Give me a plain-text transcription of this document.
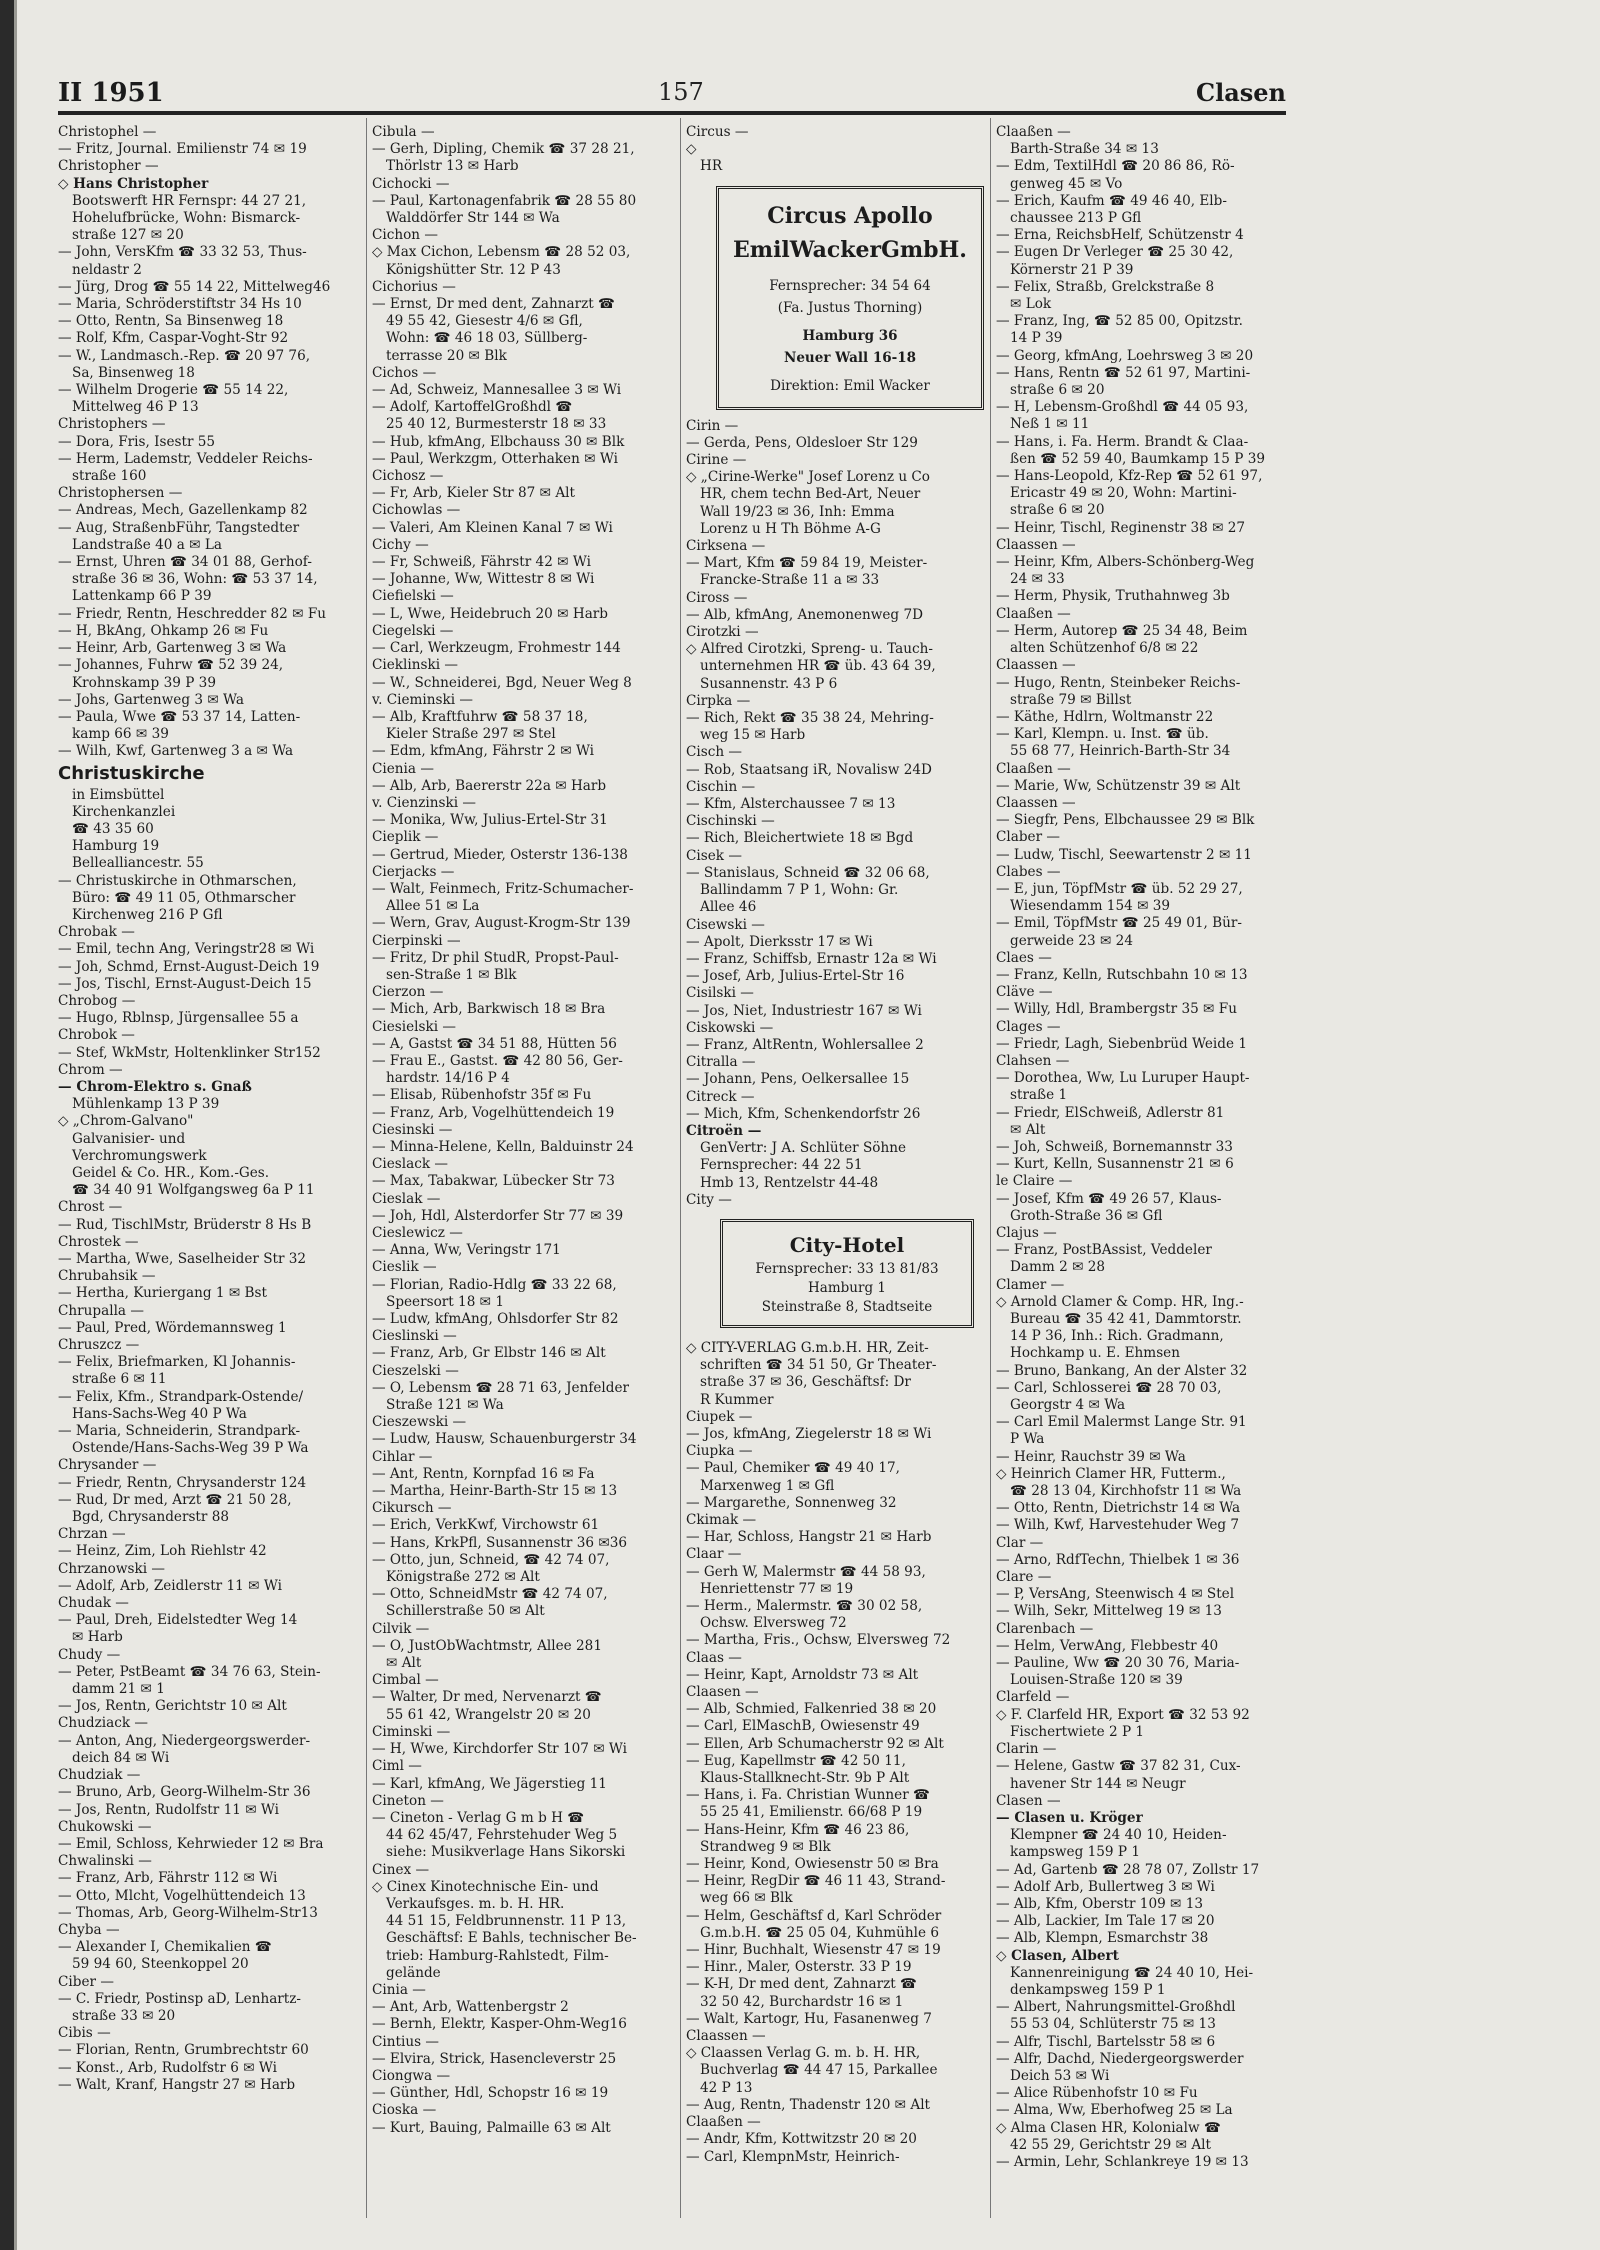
II 1951	157	Clasen
Christophel —
— Fritz, Journal. Emilienstr 74 ✉ 19
Christopher —
◇ Hans Christopher
Bootswerft HR Fernspr: 44 27 21,
Hohelufbrücke, Wohn: Bismarck-
straße 127 ✉ 20
— John, VersKfm ☎ 33 32 53, Thus-
neldastr 2
— Jürg, Drog ☎ 55 14 22, Mittelweg46
— Maria, Schröderstiftstr 34 Hs 10
— Otto, Rentn, Sa Binsenweg 18
— Rolf, Kfm, Caspar-Voght-Str 92
— W., Landmasch.-Rep. ☎ 20 97 76,
Sa, Binsenweg 18
— Wilhelm Drogerie ☎ 55 14 22,
Mittelweg 46 P 13
Christophers —
— Dora, Fris, Isestr 55
— Herm, Lademstr, Veddeler Reichs-
straße 160
Christophersen —
— Andreas, Mech, Gazellenkamp 82
— Aug, StraßenbFühr, Tangstedter
Landstraße 40 a ✉ La
— Ernst, Uhren ☎ 34 01 88, Gerhof-
straße 36 ✉ 36, Wohn: ☎ 53 37 14,
Lattenkamp 66 P 39
— Friedr, Rentn, Heschredder 82 ✉ Fu
— H, BkAng, Ohkamp 26 ✉ Fu
— Heinr, Arb, Gartenweg 3 ✉ Wa
— Johannes, Fuhrw ☎ 52 39 24,
Krohnskamp 39 P 39
— Johs, Gartenweg 3 ✉ Wa
— Paula, Wwe ☎ 53 37 14, Latten-
kamp 66 ✉ 39
— Wilh, Kwf, Gartenweg 3 a ✉ Wa
Christuskirche
in Eimsbüttel
Kirchenkanzlei
☎ 43 35 60
Hamburg 19
Bellealliancestr. 55
— Christuskirche in Othmarschen,
Büro: ☎ 49 11 05, Othmarscher
Kirchenweg 216 P Gfl
Chrobak —
— Emil, techn Ang, Veringstr28 ✉ Wi
— Joh, Schmd, Ernst-August-Deich 19
— Jos, Tischl, Ernst-August-Deich 15
Chrobog —
— Hugo, Rblnsp, Jürgensallee 55 a
Chrobok —
— Stef, WkMstr, Holtenklinker Str152
Chrom —
— Chrom-Elektro s. Gnaß
Mühlenkamp 13 P 39
◇ „Chrom-Galvano"
Galvanisier- und
Verchromungswerk
Geidel & Co. HR., Kom.-Ges.
☎ 34 40 91 Wolfgangsweg 6a P 11
Chrost —
— Rud, TischlMstr, Brüderstr 8 Hs B
Chrostek —
— Martha, Wwe, Saselheider Str 32
Chrubahsik —
— Hertha, Kuriergang 1 ✉ Bst
Chrupalla —
— Paul, Pred, Wördemannsweg 1
Chruszcz —
— Felix, Briefmarken, Kl Johannis-
straße 6 ✉ 11
— Felix, Kfm., Strandpark-Ostende/
Hans-Sachs-Weg 40 P Wa
— Maria, Schneiderin, Strandpark-
Ostende/Hans-Sachs-Weg 39 P Wa
Chrysander —
— Friedr, Rentn, Chrysanderstr 124
— Rud, Dr med, Arzt ☎ 21 50 28,
Bgd, Chrysanderstr 88
Chrzan —
— Heinz, Zim, Loh Riehlstr 42
Chrzanowski —
— Adolf, Arb, Zeidlerstr 11 ✉ Wi
Chudak —
— Paul, Dreh, Eidelstedter Weg 14
✉ Harb
Chudy —
— Peter, PstBeamt ☎ 34 76 63, Stein-
damm 21 ✉ 1
— Jos, Rentn, Gerichtstr 10 ✉ Alt
Chudziack —
— Anton, Ang, Niedergeorgswerder-
deich 84 ✉ Wi
Chudziak —
— Bruno, Arb, Georg-Wilhelm-Str 36
— Jos, Rentn, Rudolfstr 11 ✉ Wi
Chukowski —
— Emil, Schloss, Kehrwieder 12 ✉ Bra
Chwalinski —
— Franz, Arb, Fährstr 112 ✉ Wi
— Otto, Mlcht, Vogelhüttendeich 13
— Thomas, Arb, Georg-Wilhelm-Str13
Chyba —
— Alexander I, Chemikalien ☎
59 94 60, Steenkoppel 20
Ciber —
— C. Friedr, Postinsp aD, Lenhartz-
straße 33 ✉ 20
Cibis —
— Florian, Rentn, Grumbrechtstr 60
— Konst., Arb, Rudolfstr 6 ✉ Wi
— Walt, Kranf, Hangstr 27 ✉ Harb
Cibula —
— Gerh, Dipling, Chemik ☎ 37 28 21,
Thörlstr 13 ✉ Harb
Cichocki —
— Paul, Kartonagenfabrik ☎ 28 55 80
Walddörfer Str 144 ✉ Wa
Cichon —
◇ Max Cichon, Lebensm ☎ 28 52 03,
Königshütter Str. 12 P 43
Cichorius —
— Ernst, Dr med dent, Zahnarzt ☎
49 55 42, Giesestr 4/6 ✉ Gfl,
Wohn: ☎ 46 18 03, Süllberg-
terrasse 20 ✉ Blk
Cichos —
— Ad, Schweiz, Mannesallee 3 ✉ Wi
— Adolf, KartoffelGroßhdl ☎
25 40 12, Burmesterstr 18 ✉ 33
— Hub, kfmAng, Elbchauss 30 ✉ Blk
— Paul, Werkzgm, Otterhaken ✉ Wi
Cichosz —
— Fr, Arb, Kieler Str 87 ✉ Alt
Cichowlas —
— Valeri, Am Kleinen Kanal 7 ✉ Wi
Cichy —
— Fr, Schweiß, Fährstr 42 ✉ Wi
— Johanne, Ww, Wittestr 8 ✉ Wi
Ciefielski —
— L, Wwe, Heidebruch 20 ✉ Harb
Ciegelski —
— Carl, Werkzeugm, Frohmestr 144
Cieklinski —
— W., Schneiderei, Bgd, Neuer Weg 8
v. Cieminski —
— Alb, Kraftfuhrw ☎ 58 37 18,
Kieler Straße 297 ✉ Stel
— Edm, kfmAng, Fährstr 2 ✉ Wi
Cienia —
— Alb, Arb, Baererstr 22a ✉ Harb
v. Cienzinski —
— Monika, Ww, Julius-Ertel-Str 31
Cieplik —
— Gertrud, Mieder, Osterstr 136-138
Cierjacks —
— Walt, Feinmech, Fritz-Schumacher-
Allee 51 ✉ La
— Wern, Grav, August-Krogm-Str 139
Cierpinski —
— Fritz, Dr phil StudR, Propst-Paul-
sen-Straße 1 ✉ Blk
Cierzon —
— Mich, Arb, Barkwisch 18 ✉ Bra
Ciesielski —
— A, Gastst ☎ 34 51 88, Hütten 56
— Frau E., Gastst. ☎ 42 80 56, Ger-
hardstr. 14/16 P 4
— Elisab, Rübenhofstr 35f ✉ Fu
— Franz, Arb, Vogelhüttendeich 19
Ciesinski —
— Minna-Helene, Kelln, Balduinstr 24
Cieslack —
— Max, Tabakwar, Lübecker Str 73
Cieslak —
— Joh, Hdl, Alsterdorfer Str 77 ✉ 39
Cieslewicz —
— Anna, Ww, Veringstr 171
Cieslik —
— Florian, Radio-Hdlg ☎ 33 22 68,
Speersort 18 ✉ 1
— Ludw, kfmAng, Ohlsdorfer Str 82
Cieslinski —
— Franz, Arb, Gr Elbstr 146 ✉ Alt
Cieszelski —
— O, Lebensm ☎ 28 71 63, Jenfelder
Straße 121 ✉ Wa
Cieszewski —
— Ludw, Hausw, Schauenburgerstr 34
Cihlar —
— Ant, Rentn, Kornpfad 16 ✉ Fa
— Martha, Heinr-Barth-Str 15 ✉ 13
Cikursch —
— Erich, VerkKwf, Virchowstr 61
— Hans, KrkPfl, Susannenstr 36 ✉36
— Otto, jun, Schneid, ☎ 42 74 07,
Königstraße 272 ✉ Alt
— Otto, SchneidMstr ☎ 42 74 07,
Schillerstraße 50 ✉ Alt
Cilvik —
— O, JustObWachtmstr, Allee 281
✉ Alt
Cimbal —
— Walter, Dr med, Nervenarzt ☎
55 61 42, Wrangelstr 20 ✉ 20
Ciminski —
— H, Wwe, Kirchdorfer Str 107 ✉ Wi
Ciml —
— Karl, kfmAng, We Jägerstieg 11
Cineton —
— Cineton - Verlag G m b H ☎
44 62 45/47, Fehrstehuder Weg 5
siehe: Musikverlage Hans Sikorski
Cinex —
◇ Cinex Kinotechnische Ein- und
Verkaufsges. m. b. H. HR.
44 51 15, Feldbrunnenstr. 11 P 13,
Geschäftsf: E Bahls, technischer Be-
trieb: Hamburg-Rahlstedt, Film-
gelände
Cinia —
— Ant, Arb, Wattenbergstr 2
— Bernh, Elektr, Kasper-Ohm-Weg16
Cintius —
— Elvira, Strick, Hasencleverstr 25
Ciongwa —
— Günther, Hdl, Schopstr 16 ✉ 19
Cioska —
— Kurt, Bauing, Palmaille 63 ✉ Alt
Circus —
◇
HR
Circus Apollo
EmilWackerGmbH.
Fernsprecher: 34 54 64
(Fa. Justus Thorning)
Hamburg 36
Neuer Wall 16-18
Direktion: Emil Wacker
Cirin —
— Gerda, Pens, Oldesloer Str 129
Cirine —
◇ „Cirine-Werke" Josef Lorenz u Co
HR, chem techn Bed-Art, Neuer
Wall 19/23 ✉ 36, Inh: Emma
Lorenz u H Th Böhme A-G
Cirksena —
— Mart, Kfm ☎ 59 84 19, Meister-
Francke-Straße 11 a ✉ 33
Ciross —
— Alb, kfmAng, Anemonenweg 7D
Cirotzki —
◇ Alfred Cirotzki, Spreng- u. Tauch-
unternehmen HR ☎ üb. 43 64 39,
Susannenstr. 43 P 6
Cirpka —
— Rich, Rekt ☎ 35 38 24, Mehring-
weg 15 ✉ Harb
Cisch —
— Rob, Staatsang iR, Novalisw 24D
Cischin —
— Kfm, Alsterchaussee 7 ✉ 13
Cischinski —
— Rich, Bleichertwiete 18 ✉ Bgd
Cisek —
— Stanislaus, Schneid ☎ 32 06 68,
Ballindamm 7 P 1, Wohn: Gr.
Allee 46
Cisewski —
— Apolt, Dierksstr 17 ✉ Wi
— Franz, Schiffsb, Ernastr 12a ✉ Wi
— Josef, Arb, Julius-Ertel-Str 16
Cisilski —
— Jos, Niet, Industriestr 167 ✉ Wi
Ciskowski —
— Franz, AltRentn, Wohlersallee 2
Citralla —
— Johann, Pens, Oelkersallee 15
Citreck —
— Mich, Kfm, Schenkendorfstr 26
Citroën —
GenVertr: J A. Schlüter Söhne
Fernsprecher: 44 22 51
Hmb 13, Rentzelstr 44-48
City —
City-Hotel
Fernsprecher: 33 13 81/83
Hamburg 1
Steinstraße 8, Stadtseite
◇ CITY-VERLAG G.m.b.H. HR, Zeit-
schriften ☎ 34 51 50, Gr Theater-
straße 37 ✉ 36, Geschäftsf: Dr
R Kummer
Ciupek —
— Jos, kfmAng, Ziegelerstr 18 ✉ Wi
Ciupka —
— Paul, Chemiker ☎ 49 40 17,
Marxenweg 1 ✉ Gfl
— Margarethe, Sonnenweg 32
Ckimak —
— Har, Schloss, Hangstr 21 ✉ Harb
Claar —
— Gerh W, Malermstr ☎ 44 58 93,
Henriettenstr 77 ✉ 19
— Herm., Malermstr. ☎ 30 02 58,
Ochsw. Elversweg 72
— Martha, Fris., Ochsw, Elversweg 72
Claas —
— Heinr, Kapt, Arnoldstr 73 ✉ Alt
Claasen —
— Alb, Schmied, Falkenried 38 ✉ 20
— Carl, ElMaschB, Owiesenstr 49
— Ellen, Arb Schumacherstr 92 ✉ Alt
— Eug, Kapellmstr ☎ 42 50 11,
Klaus-Stallknecht-Str. 9b P Alt
— Hans, i. Fa. Christian Wunner ☎
55 25 41, Emilienstr. 66/68 P 19
— Hans-Heinr, Kfm ☎ 46 23 86,
Strandweg 9 ✉ Blk
— Heinr, Kond, Owiesenstr 50 ✉ Bra
— Heinr, RegDir ☎ 46 11 43, Strand-
weg 66 ✉ Blk
— Helm, Geschäftsf d, Karl Schröder
G.m.b.H. ☎ 25 05 04, Kuhmühle 6
— Hinr, Buchhalt, Wiesenstr 47 ✉ 19
— Hinr., Maler, Osterstr. 33 P 19
— K-H, Dr med dent, Zahnarzt ☎
32 50 42, Burchardstr 16 ✉ 1
— Walt, Kartogr, Hu, Fasanenweg 7
Claassen —
◇ Claassen Verlag G. m. b. H. HR,
Buchverlag ☎ 44 47 15, Parkallee
42 P 13
— Aug, Rentn, Thadenstr 120 ✉ Alt
Claaßen —
— Andr, Kfm, Kottwitzstr 20 ✉ 20
— Carl, KlempnMstr, Heinrich-
Claaßen —
Barth-Straße 34 ✉ 13
— Edm, TextilHdl ☎ 20 86 86, Rö-
genweg 45 ✉ Vo
— Erich, Kaufm ☎ 49 46 40, Elb-
chaussee 213 P Gfl
— Erna, ReichsbHelf, Schützenstr 4
— Eugen Dr Verleger ☎ 25 30 42,
Körnerstr 21 P 39
— Felix, Straßb, Grelckstraße 8
✉ Lok
— Franz, Ing, ☎ 52 85 00, Opitzstr.
14 P 39
— Georg, kfmAng, Loehrsweg 3 ✉ 20
— Hans, Rentn ☎ 52 61 97, Martini-
straße 6 ✉ 20
— H, Lebensm-Großhdl ☎ 44 05 93,
Neß 1 ✉ 11
— Hans, i. Fa. Herm. Brandt & Claa-
ßen ☎ 52 59 40, Baumkamp 15 P 39
— Hans-Leopold, Kfz-Rep ☎ 52 61 97,
Ericastr 49 ✉ 20, Wohn: Martini-
straße 6 ✉ 20
— Heinr, Tischl, Reginenstr 38 ✉ 27
Claassen —
— Heinr, Kfm, Albers-Schönberg-Weg
24 ✉ 33
— Herm, Physik, Truthahnweg 3b
Claaßen —
— Herm, Autorep ☎ 25 34 48, Beim
alten Schützenhof 6/8 ✉ 22
Claassen —
— Hugo, Rentn, Steinbeker Reichs-
straße 79 ✉ Billst
— Käthe, Hdlrn, Woltmanstr 22
— Karl, Klempn. u. Inst. ☎ üb.
55 68 77, Heinrich-Barth-Str 34
Claaßen —
— Marie, Ww, Schützenstr 39 ✉ Alt
Claassen —
— Siegfr, Pens, Elbchaussee 29 ✉ Blk
Claber —
— Ludw, Tischl, Seewartenstr 2 ✉ 11
Clabes —
— E, jun, TöpfMstr ☎ üb. 52 29 27,
Wiesendamm 154 ✉ 39
— Emil, TöpfMstr ☎ 25 49 01, Bür-
gerweide 23 ✉ 24
Claes —
— Franz, Kelln, Rutschbahn 10 ✉ 13
Cläve —
— Willy, Hdl, Brambergstr 35 ✉ Fu
Clages —
— Friedr, Lagh, Siebenbrüd Weide 1
Clahsen —
— Dorothea, Ww, Lu Luruper Haupt-
straße 1
— Friedr, ElSchweiß, Adlerstr 81
✉ Alt
— Joh, Schweiß, Bornemannstr 33
— Kurt, Kelln, Susannenstr 21 ✉ 6
le Claire —
— Josef, Kfm ☎ 49 26 57, Klaus-
Groth-Straße 36 ✉ Gfl
Clajus —
— Franz, PostBAssist, Veddeler
Damm 2 ✉ 28
Clamer —
◇ Arnold Clamer & Comp. HR, Ing.-
Bureau ☎ 35 42 41, Dammtorstr.
14 P 36, Inh.: Rich. Gradmann,
Hochkamp u. E. Ehmsen
— Bruno, Bankang, An der Alster 32
— Carl, Schlosserei ☎ 28 70 03,
Georgstr 4 ✉ Wa
— Carl Emil Malermst Lange Str. 91
P Wa
— Heinr, Rauchstr 39 ✉ Wa
◇ Heinrich Clamer HR, Futterm.,
☎ 28 13 04, Kirchhofstr 11 ✉ Wa
— Otto, Rentn, Dietrichstr 14 ✉ Wa
— Wilh, Kwf, Harvestehuder Weg 7
Clar —
— Arno, RdfTechn, Thielbek 1 ✉ 36
Clare —
— P, VersAng, Steenwisch 4 ✉ Stel
— Wilh, Sekr, Mittelweg 19 ✉ 13
Clarenbach —
— Helm, VerwAng, Flebbestr 40
— Pauline, Ww ☎ 20 30 76, Maria-
Louisen-Straße 120 ✉ 39
Clarfeld —
◇ F. Clarfeld HR, Export ☎ 32 53 92
Fischertwiete 2 P 1
Clarin —
— Helene, Gastw ☎ 37 82 31, Cux-
havener Str 144 ✉ Neugr
Clasen —
— Clasen u. Kröger
Klempner ☎ 24 40 10, Heiden-
kampsweg 159 P 1
— Ad, Gartenb ☎ 28 78 07, Zollstr 17
— Adolf Arb, Bullertweg 3 ✉ Wi
— Alb, Kfm, Oberstr 109 ✉ 13
— Alb, Lackier, Im Tale 17 ✉ 20
— Alb, Klempn, Esmarchstr 38
◇ Clasen, Albert
Kannenreinigung ☎ 24 40 10, Hei-
denkampsweg 159 P 1
— Albert, Nahrungsmittel-Großhdl
55 53 04, Schlüterstr 75 ✉ 13
— Alfr, Tischl, Bartelsstr 58 ✉ 6
— Alfr, Dachd, Niedergeorgswerder
Deich 53 ✉ Wi
— Alice Rübenhofstr 10 ✉ Fu
— Alma, Ww, Eberhofweg 25 ✉ La
◇ Alma Clasen HR, Kolonialw ☎
42 55 29, Gerichtstr 29 ✉ Alt
— Armin, Lehr, Schlankreye 19 ✉ 13
